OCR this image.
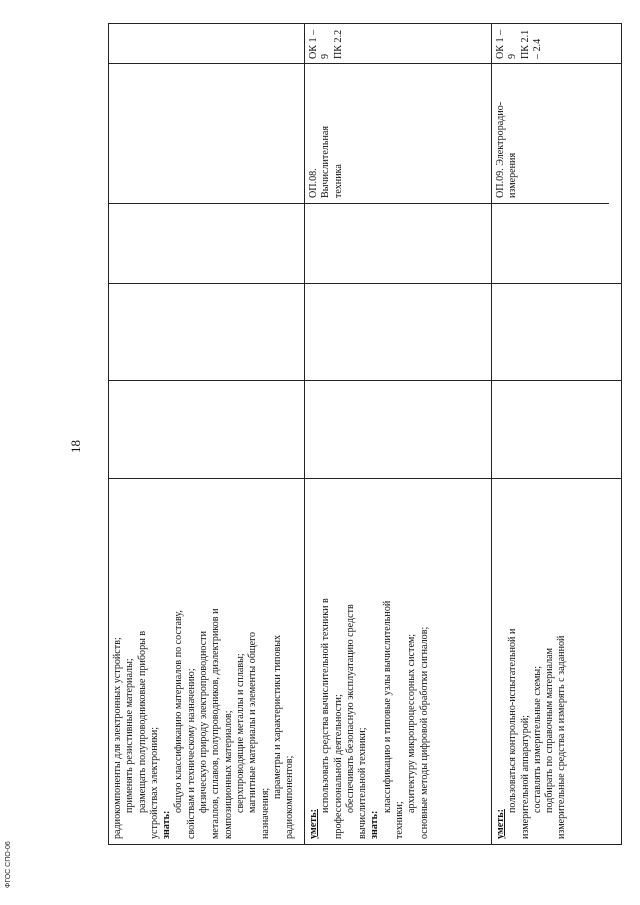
ФГОС СПО-06
18
радиокомпоненты для электронных устройств; применять резистивные материалы; размещать полупроводниковые приборы в устройствах электроники; знать:
общую классификацию материалов по составу, свойствам и техническому назначению; физическую природу электропроводности металлов, сплавов, полупроводников, диэлектриков и композиционных материалов; сверхпроводящие металлы и сплавы; магнитные материалы и элементы общего
назначения;
параметры и характеристики типовых радиокомпонентов; уметь:
использовать средства вычислительной техники в профессиональной деятельности; обеспечивать безопасную эксплуатацию средств вычислительной техники; знать:
классификацию и типовые узлы вычислительной
техники;
архитектуру микропроцессорных систем; основные методы цифровой обработки сигналов;
ОП.08. Вычислительная техника
ОК 1 – 9 ПК 2.2
уметь:
пользоваться контрольно-испытательной и измерительной аппаратурой; составлять измерительные схемы; подбирать по справочным материалам измерительные средства и измерять с заданной
ОП.09. Электрорадио- измерения
ОК 1 – 9 ПК 2.1 – 2.4
